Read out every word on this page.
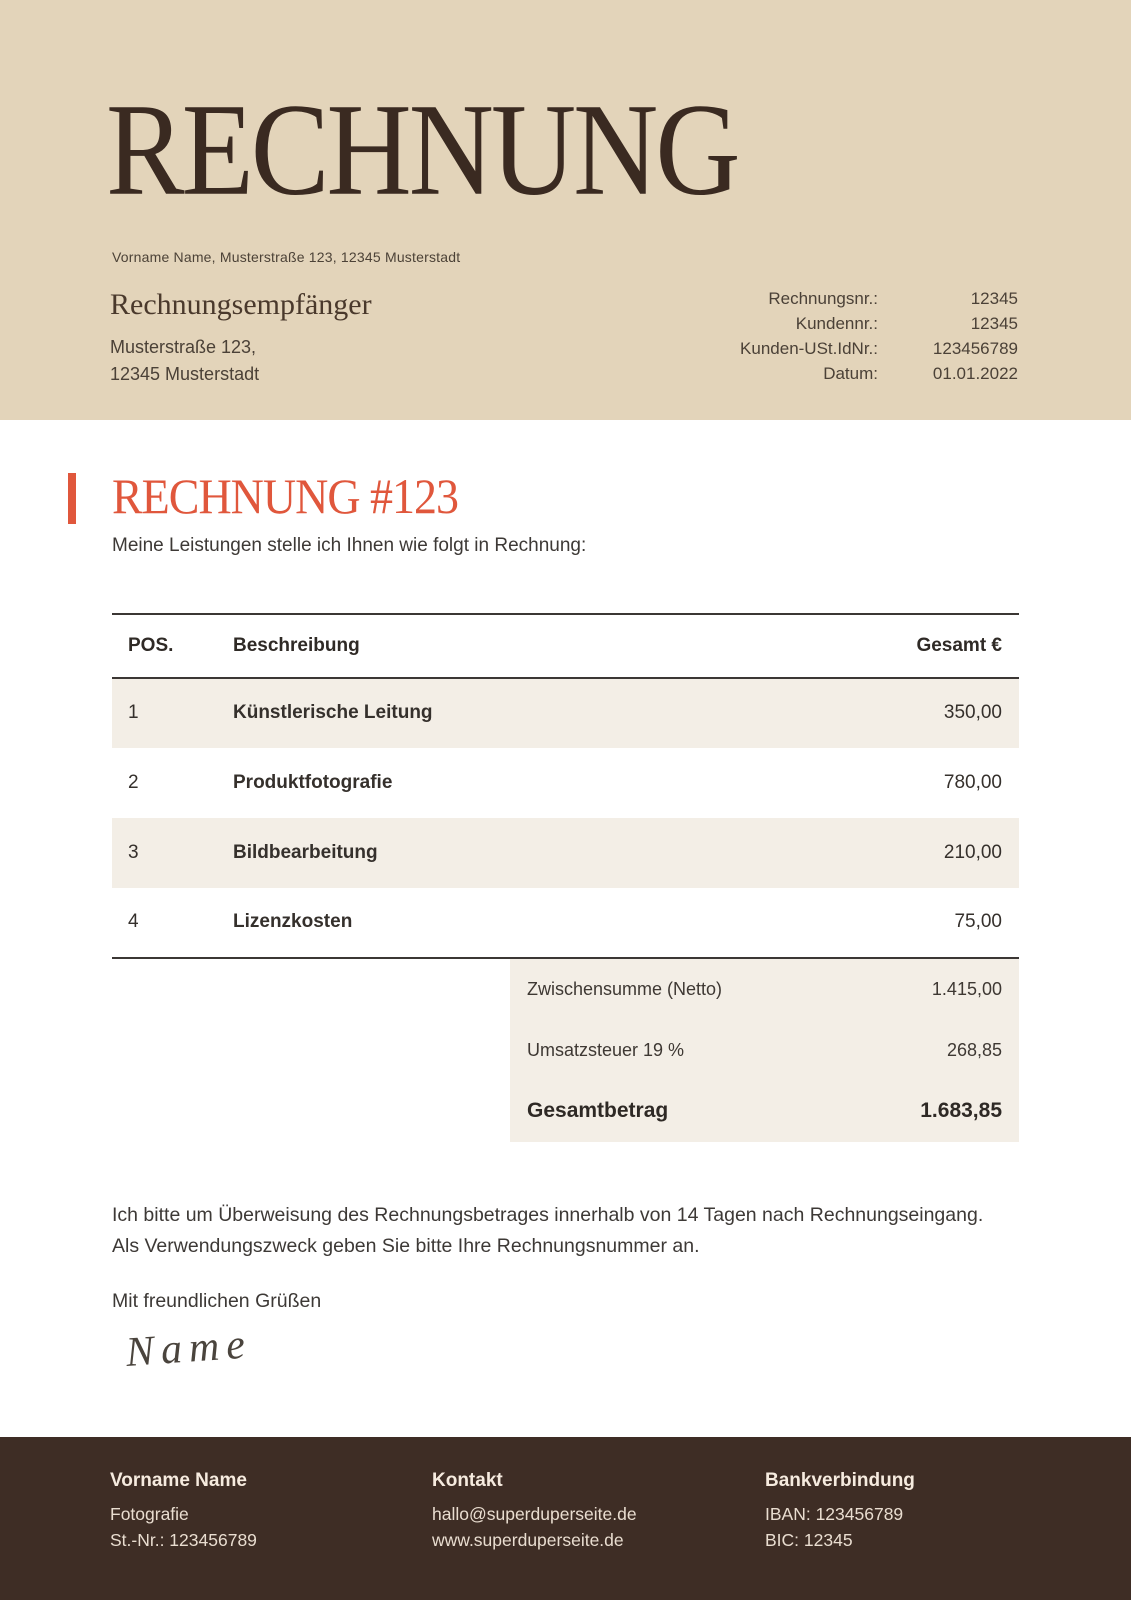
RECHNUNG
Vorname Name, Musterstraße 123, 12345 Musterstadt
Rechnungsempfänger
Musterstraße 123,
12345 Musterstadt
Rechnungsnr.:	12345
Kundennr.:	12345
Kunden-USt.IdNr.:	123456789
Datum:	01.01.2022
RECHNUNG #123

Meine Leistungen stelle ich Ihnen wie folgt in Rechnung:

POS.	Beschreibung	Gesamt €
1	Künstlerische Leitung	350,00
2	Produktfotografie	780,00
3	Bildbearbeitung	210,00
4	Lizenzkosten	75,00
Zwischensumme (Netto)	1.415,00
Umsatzsteuer 19 %	268,85
Gesamtbetrag	1.683,85

Ich bitte um Überweisung des Rechnungsbetrages innerhalb von 14 Tagen nach Rechnungseingang. Als Verwendungszweck geben Sie bitte Ihre Rechnungsnummer an.

Mit freundlichen Grüßen

Name
Vorname Name
Fotografie
St.-Nr.: 123456789
Kontakt
hallo@superduperseite.de
www.superduperseite.de
Bankverbindung
IBAN: 123456789
BIC: 12345
